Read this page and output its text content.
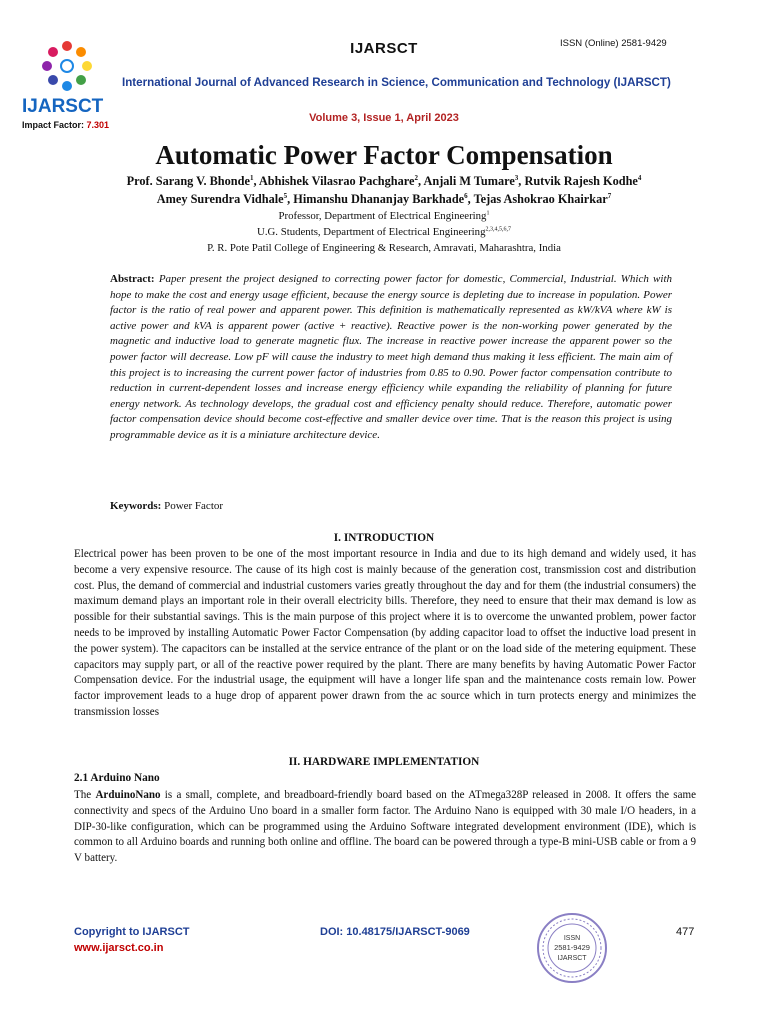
IJARSCT
IJARSCT	ISSN (Online) 2581-9429
International Journal of Advanced Research in Science, Communication and Technology (IJARSCT)
Volume 3, Issue 1, April 2023
Impact Factor: 7.301
Automatic Power Factor Compensation
Prof. Sarang V. Bhonde$^1$, Abhishek Vilasrao Pachghare$^2$, Anjali M Tumare$^3$, Rutvik Rajesh Kodhe$^4$
Amey Surendra Vidhale$^5$, Himanshu Dhananjay Barkhade$^6$, Tejas Ashokrao Khairkar$^7$
Professor, Department of Electrical Engineering$^1$
U.G. Students, Department of Electrical Engineering$^{2,3,4,5,6,7}$
P. R. Pote Patil College of Engineering & Research, Amravati, Maharashtra, India
Abstract: Paper present the project designed to correcting power factor for domestic, Commercial, Industrial. Which with hope to make the cost and energy usage efficient, because the energy source is depleting due to increase in population. Power factor is the ratio of real power and apparent power. This definition is mathematically represented as kW/kVA where kW is active power and kVA is apparent power (active + reactive). Reactive power is the non-working power generated by the magnetic and inductive load to generate magnetic flux. The increase in reactive power increase the apparent power so the power factor will decrease. Low pF will cause the industry to meet high demand thus making it less efficient. The main aim of this project is to increasing the current power factor of industries from 0.85 to 0.90. Power factor compensation contribute to reduction in current-dependent losses and increase energy efficiency while expanding the reliability of planning for future energy network. As technology develops, the gradual cost and efficiency penalty should reduce. Therefore, automatic power factor compensation device should become cost-effective and smaller device over time. That is the reason this project is using programmable device as it is a miniature architecture device.
Keywords: Power Factor
I. INTRODUCTION
Electrical power has been proven to be one of the most important resource in India and due to its high demand and widely used, it has become a very expensive resource. The cause of its high cost is mainly because of the generation cost, transmission cost and distribution cost. Plus, the demand of commercial and industrial customers varies greatly throughout the day and for them (the industrial consumers) the maximum demand plays an important role in their overall electricity bills. Therefore, they need to ensure that their max demand is low as possible for their substantial savings. This is the main purpose of this project where it is to overcome the unwanted problem, power factor needs to be improved by installing Automatic Power Factor Compensation (by adding capacitor load to offset the inductive load present in the power system). The capacitors can be installed at the service entrance of the plant or on the load side of the metering equipment. These capacitors may supply part, or all of the reactive power required by the plant. There are many benefits by having Automatic Power Factor Compensation device. For the industrial usage, the equipment will have a longer life span and the maintenance costs remain low. Power factor improvement leads to a huge drop of apparent power drawn from the ac source which in turn protects energy and minimizes the transmission losses
II. HARDWARE IMPLEMENTATION
2.1 Arduino Nano
The ArduinoNano is a small, complete, and breadboard-friendly board based on the ATmega328P released in 2008. It offers the same connectivity and specs of the Arduino Uno board in a smaller form factor. The Arduino Nano is equipped with 30 male I/O headers, in a DIP-30-like configuration, which can be programmed using the Arduino Software integrated development environment (IDE), which is common to all Arduino boards and running both online and offline. The board can be powered through a type-B mini-USB cable or from a 9 V battery.
Copyright to IJARSCT
www.ijarsct.co.in
DOI: 10.48175/IJARSCT-9069	477
ISSN
2581-9429
IJARSCT
